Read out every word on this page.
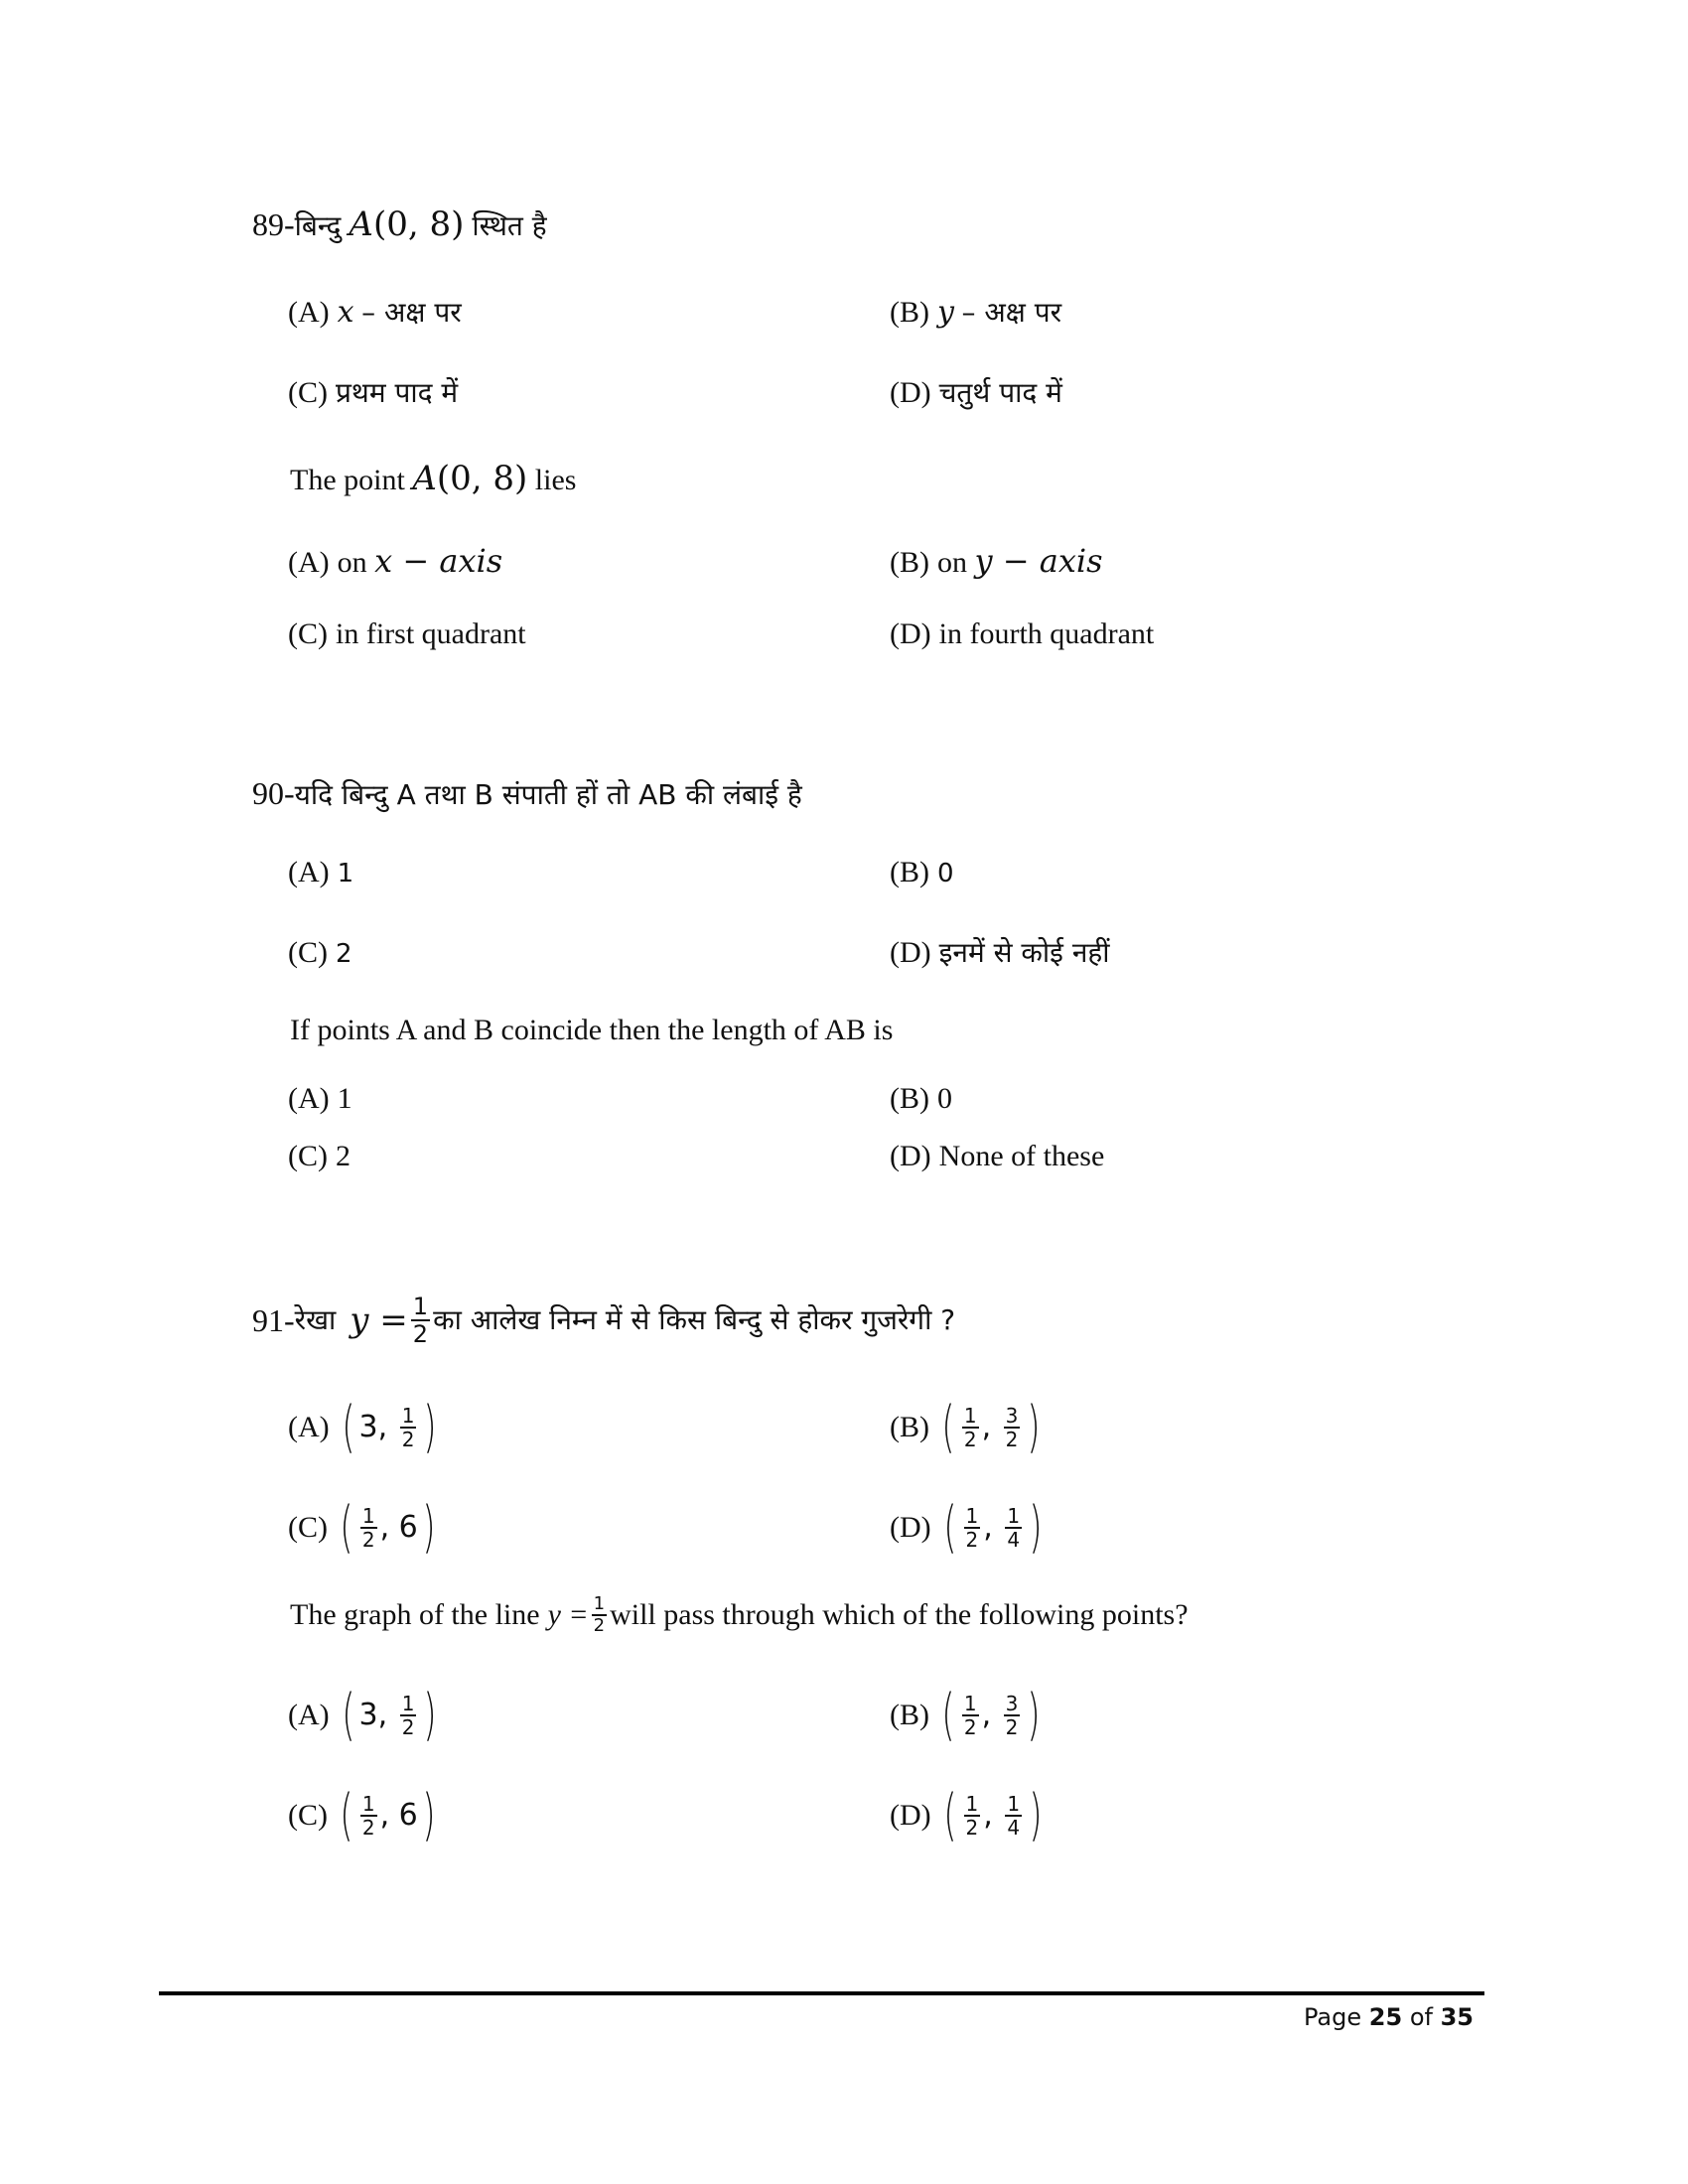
89-बिन्दु A(0, 8) स्थित है
(A) x – अक्ष पर	(B) y – अक्ष पर
(C) प्रथम पाद में	(D) चतुर्थ पाद में
The point A(0, 8) lies
(A) on x − axis	(B) on y − axis
(C) in first quadrant	(D) in fourth quadrant
90-यदि बिन्दु A तथा B संपाती हों तो AB की लंबाई है
(A) 1	(B) 0
(C) 2	(D) इनमें से कोई नहीं
If points A and B coincide then the length of AB is
(A) 1	(B) 0
(C) 2	(D) None of these
91- रेखा $y = \frac{1}{2}$ का आलेख निम्न में से किस बिन्दु से होकर गुजरेगी ?
(A) ( 3 , $\frac{1}{2}$ )	(B) ( $\frac{1}{2}$ , $\frac{3}{2}$ )
(C) ( $\frac{1}{2}$ , 6 )	(D) ( $\frac{1}{2}$ , $\frac{1}{4}$ )
The graph of the line $y = \frac{1}{2}$ will pass through which of the following points?
(A) ( 3 , $\frac{1}{2}$ )	(B) ( $\frac{1}{2}$ , $\frac{3}{2}$ )
(C) ( $\frac{1}{2}$ , 6 )	(D) ( $\frac{1}{2}$ , $\frac{1}{4}$ )
Page 25 of 35
